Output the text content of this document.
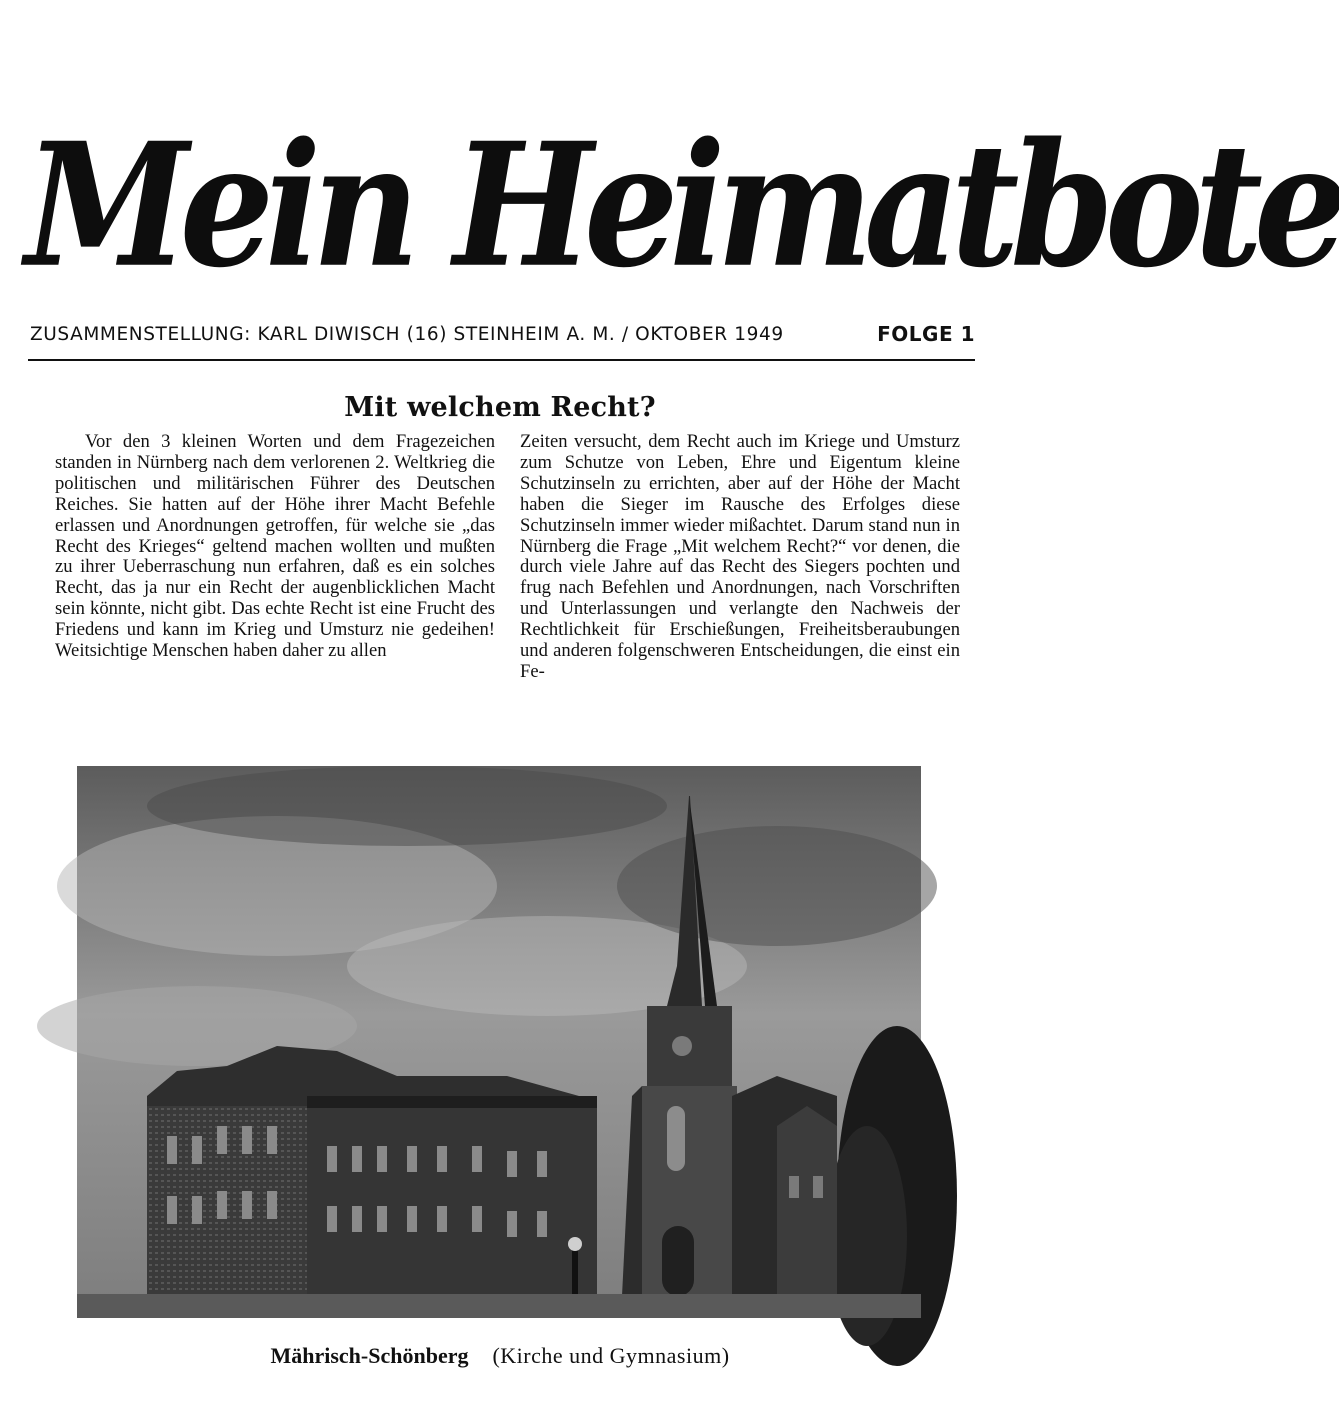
Mein Heimatbote
ZUSAMMENSTELLUNG: KARL DIWISCH (16) STEINHEIM A. M. / OKTOBER 1949	FOLGE 1
Mit welchem Recht?

Vor den 3 kleinen Worten und dem Fragezeichen standen in Nürnberg nach dem verlorenen 2. Weltkrieg die politischen und militärischen Führer des Deutschen Reiches. Sie hatten auf der Höhe ihrer Macht Befehle erlassen und Anordnungen getroffen, für welche sie „das Recht des Krieges“ geltend machen wollten und mußten zu ihrer Ueberraschung nun erfahren, daß es ein solches Recht, das ja nur ein Recht der augenblicklichen Macht sein könnte, nicht gibt. Das echte Recht ist eine Frucht des Friedens und kann im Krieg und Umsturz nie gedeihen! Weitsichtige Menschen haben daher zu allen

Zeiten versucht, dem Recht auch im Kriege und Umsturz zum Schutze von Leben, Ehre und Eigentum kleine Schutzinseln zu errichten, aber auf der Höhe der Macht haben die Sieger im Rausche des Erfolges diese Schutzinseln immer wieder mißachtet. Darum stand nun in Nürnberg die Frage „Mit welchem Recht?“ vor denen, die durch viele Jahre auf das Recht des Siegers pochten und frug nach Befehlen und Anordnungen, nach Vorschriften und Unterlassungen und verlangte den Nachweis der Rechtlichkeit für Erschießungen, Freiheitsberaubungen und anderen folgenschweren Entscheidungen, die einst ein Fe-

Mährisch-Schönberg (Kirche und Gymnasium)
